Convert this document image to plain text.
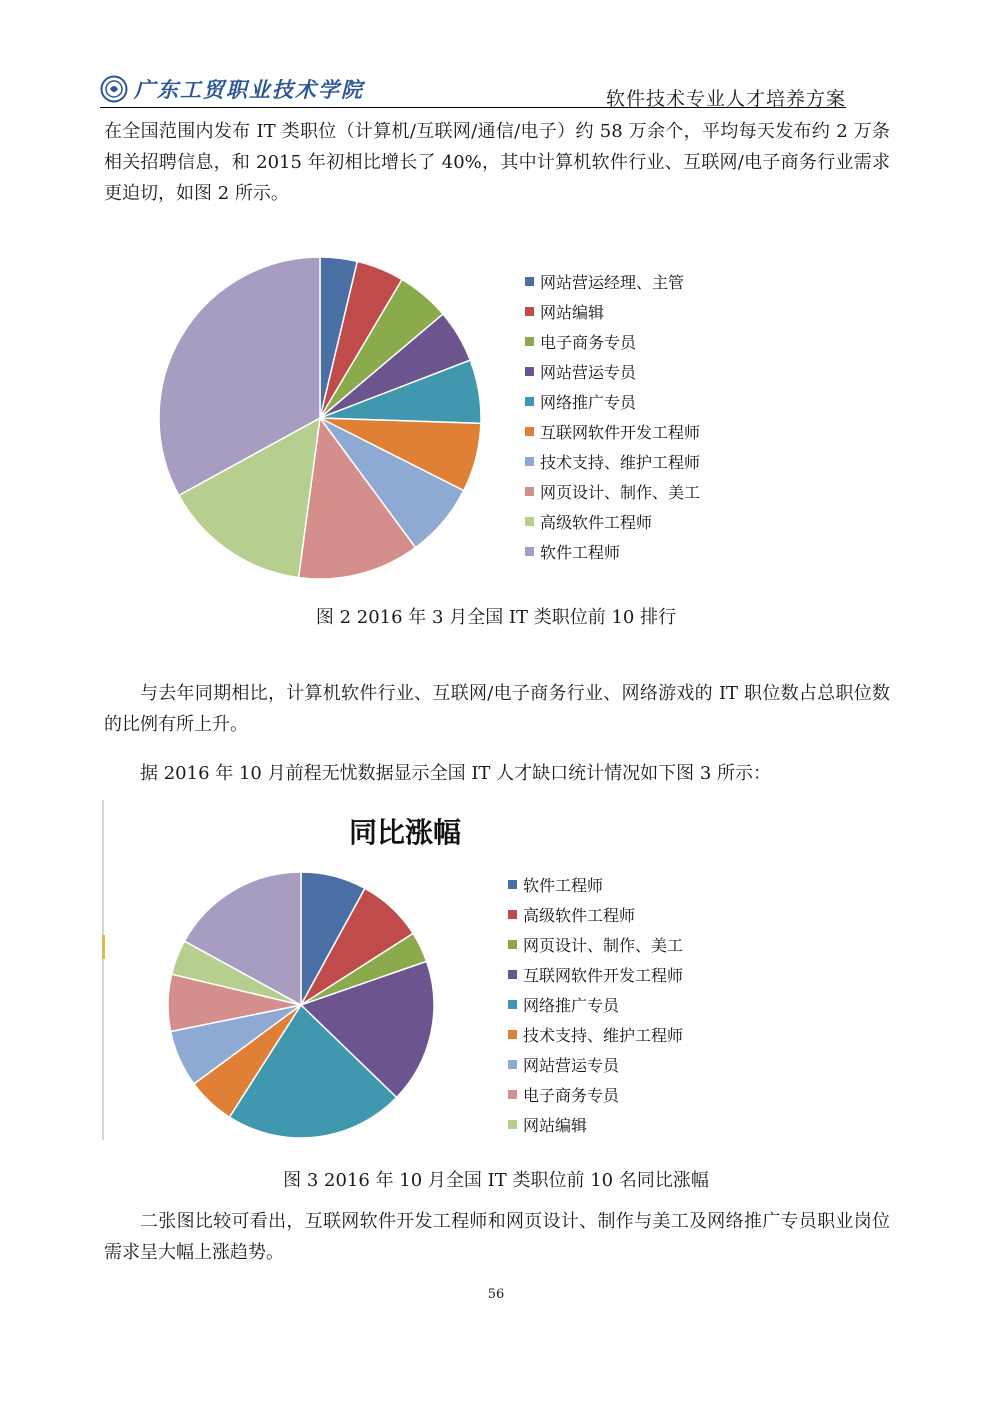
广东工贸职业技术学院	软件技术专业人才培养方案

在全国范围内发布 IT 类职位（计算机/互联网/通信/电子）约 58 万余个，平均每天发布约 2 万条相关招聘信息，和 2015 年初相比增长了 40%，其中计算机软件行业、互联网/电子商务行业需求更迫切，如图 2 所示。

网站营运经理、主管
网站编辑
电子商务专员
网站营运专员
网络推广专员
互联网软件开发工程师
技术支持、维护工程师
网页设计、制作、美工
高级软件工程师
软件工程师

图 2 2016 年 3 月全国 IT 类职位前 10 排行

与去年同期相比，计算机软件行业、互联网/电子商务行业、网络游戏的 IT 职位数占总职位数的比例有所上升。

据 2016 年 10 月前程无忧数据显示全国 IT 人才缺口统计情况如下图 3 所示：

软件工程师
高级软件工程师
网页设计、制作、美工
互联网软件开发工程师
网络推广专员
技术支持、维护工程师
网站营运专员
电子商务专员
网站编辑
同比涨幅

图 3 2016 年 10 月全国 IT 类职位前 10 名同比涨幅

二张图比较可看出，互联网软件开发工程师和网页设计、制作与美工及网络推广专员职业岗位需求呈大幅上涨趋势。

56
